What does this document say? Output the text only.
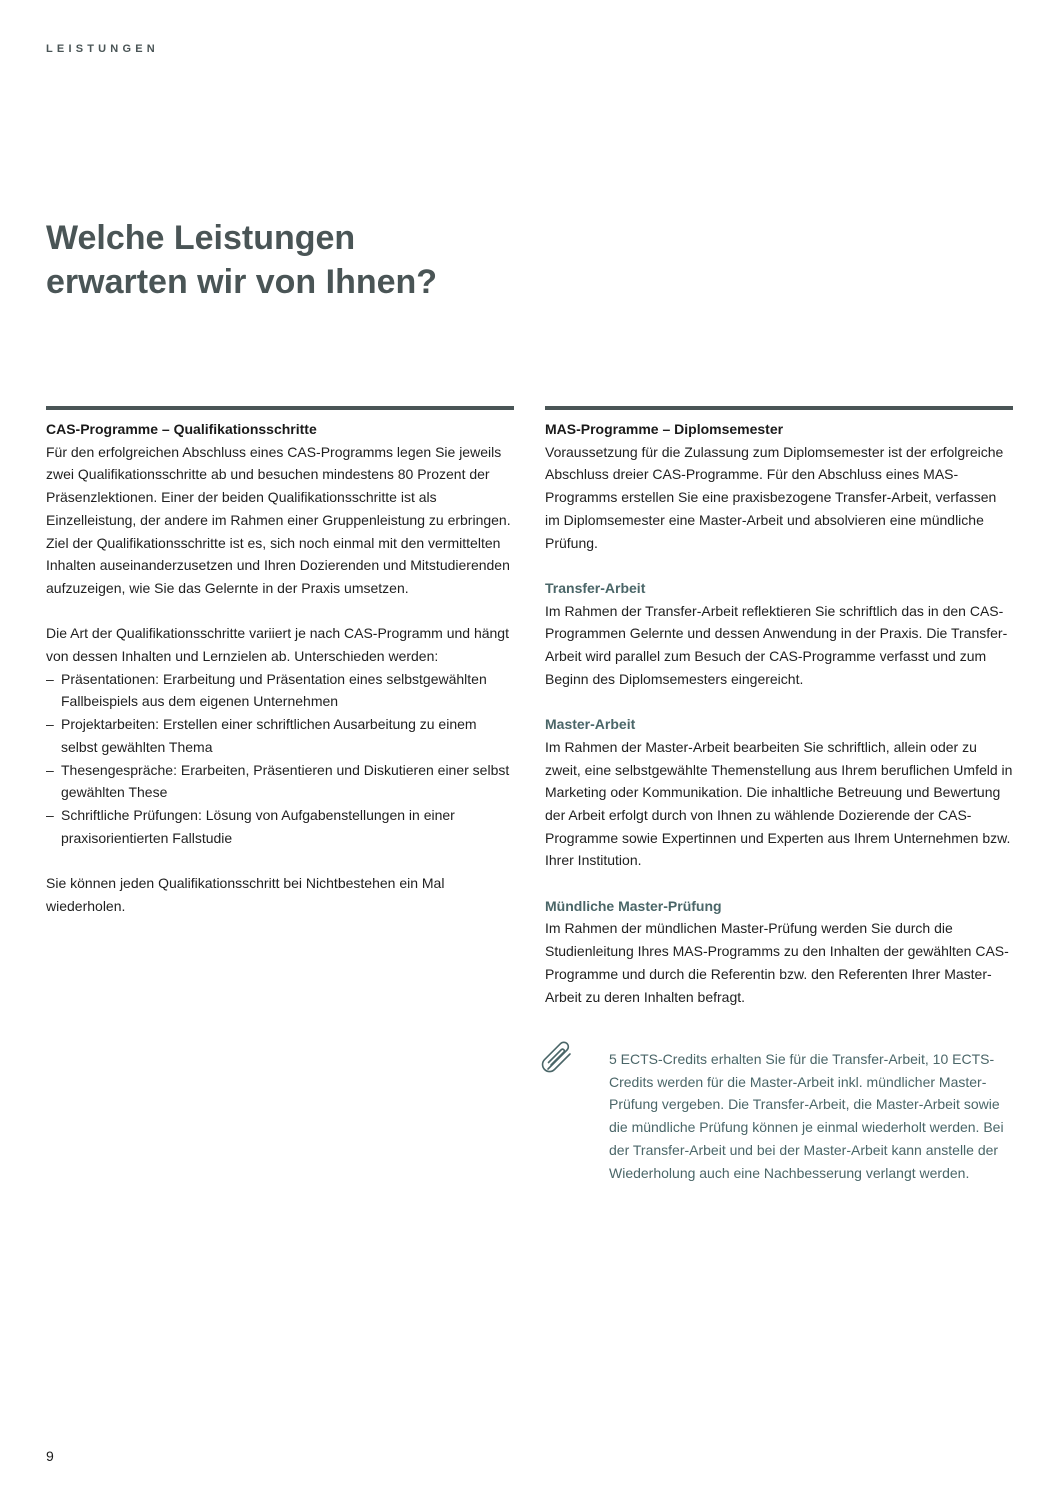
LEISTUNGEN
Welche Leistungen
erwarten wir von Ihnen?
CAS-Programme – Qualifikationsschritte

Für den erfolgreichen Abschluss eines CAS-Programms legen Sie jeweils zwei Qualifikationsschritte ab und besuchen mindestens 80 Prozent der Präsenzlektionen. Einer der beiden Qualifikationsschritte ist als Einzelleistung, der andere im Rahmen einer Gruppenleistung zu erbringen. Ziel der Qualifikationsschritte ist es, sich noch einmal mit den vermittelten Inhalten auseinanderzusetzen und Ihren Dozierenden und Mitstudierenden aufzuzeigen, wie Sie das Gelernte in der Praxis umsetzen.

Die Art der Qualifikationsschritte variiert je nach CAS-Programm und hängt von dessen Inhalten und Lernzielen ab. Unterschieden werden:

– Präsentationen: Erarbeitung und Präsentation eines selbstgewählten Fallbeispiels aus dem eigenen Unternehmen
– Projektarbeiten: Erstellen einer schriftlichen Ausarbeitung zu einem selbst gewählten Thema
– Thesengespräche: Erarbeiten, Präsentieren und Diskutieren einer selbst gewählten These
– Schriftliche Prüfungen: Lösung von Aufgabenstellungen in einer praxisorientierten Fallstudie

Sie können jeden Qualifikationsschritt bei Nichtbestehen ein Mal wiederholen.

MAS-Programme – Diplomsemester

Voraussetzung für die Zulassung zum Diplomsemester ist der erfolgreiche Abschluss dreier CAS-Programme. Für den Abschluss eines MAS-Programms erstellen Sie eine praxisbezogene Transfer-Arbeit, verfassen im Diplomsemester eine Master-Arbeit und absolvieren eine mündliche Prüfung.

Transfer-Arbeit

Im Rahmen der Transfer-Arbeit reflektieren Sie schriftlich das in den CAS-Programmen Gelernte und dessen Anwendung in der Praxis. Die Transfer-Arbeit wird parallel zum Besuch der CAS-Programme verfasst und zum Beginn des Diplomsemesters eingereicht.

Master-Arbeit

Im Rahmen der Master-Arbeit bearbeiten Sie schriftlich, allein oder zu zweit, eine selbstgewählte Themenstellung aus Ihrem beruflichen Umfeld in Marketing oder Kommunikation. Die inhaltliche Betreuung und Bewertung der Arbeit erfolgt durch von Ihnen zu wählende Dozierende der CAS-Programme sowie Expertinnen und Experten aus Ihrem Unternehmen bzw. Ihrer Institution.

Mündliche Master-Prüfung

Im Rahmen der mündlichen Master-Prüfung werden Sie durch die Studienleitung Ihres MAS-Programms zu den Inhalten der gewählten CAS-Programme und durch die Referentin bzw. den Referenten Ihrer Master-Arbeit zu deren Inhalten befragt.

5 ECTS-Credits erhalten Sie für die Transfer-Arbeit, 10 ECTS-Credits werden für die Master-Arbeit inkl. mündlicher Master-Prüfung vergeben. Die Transfer-Arbeit, die Master-Arbeit sowie die mündliche Prüfung können je einmal wiederholt werden. Bei der Transfer-Arbeit und bei der Master-Arbeit kann anstelle der Wiederholung auch eine Nachbesserung verlangt werden.

9
